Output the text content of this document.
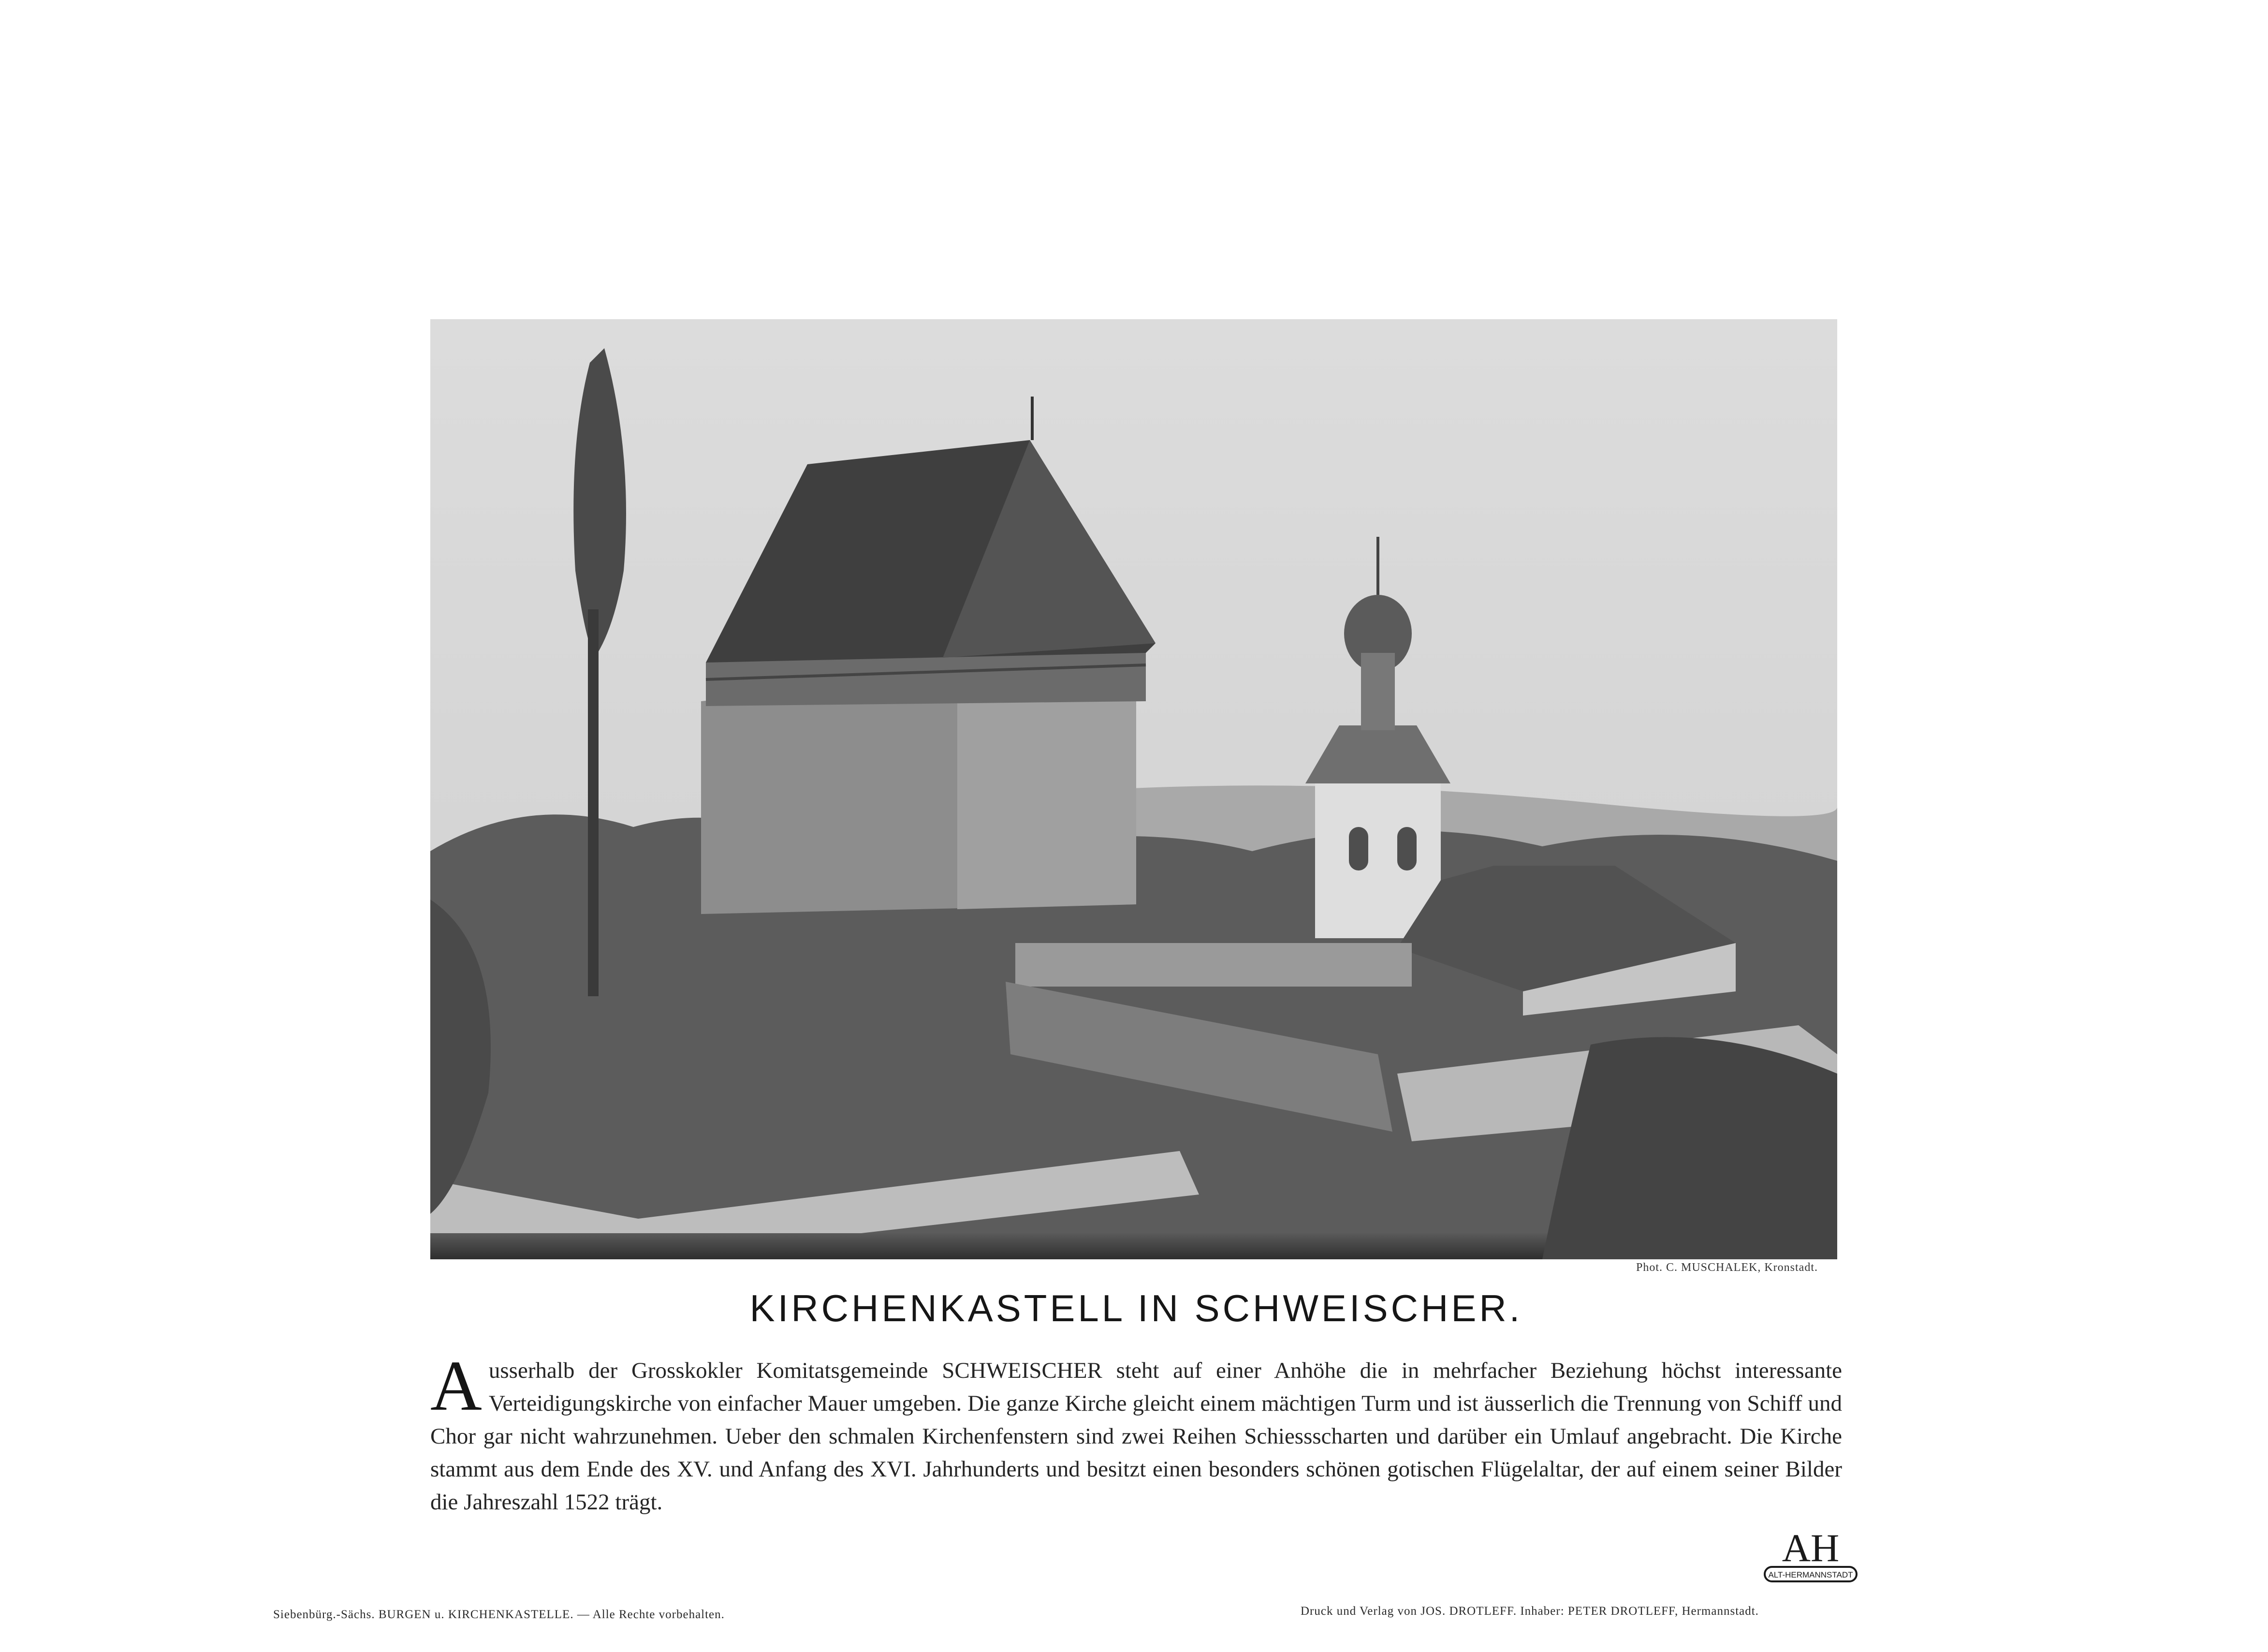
Phot. C. MUSCHALEK, Kronstadt.
KIRCHENKASTELL IN SCHWEISCHER.
Ausserhalb der Grosskokler Komitatsgemeinde SCHWEISCHER steht auf einer Anhöhe die in mehrfacher Beziehung höchst interessante Verteidigungskirche von einfacher Mauer umgeben. Die ganze Kirche gleicht einem mächtigen Turm und ist äusserlich die Trennung von Schiff und Chor gar nicht wahrzunehmen. Ueber den schmalen Kirchenfenstern sind zwei Reihen Schiessscharten und darüber ein Umlauf angebracht. Die Kirche stammt aus dem Ende des XV. und Anfang des XVI. Jahrhunderts und besitzt einen besonders schönen gotischen Flügelaltar, der auf einem seiner Bilder die Jahreszahl 1522 trägt.
AH
ALT-HERMANNSTADT
Siebenbürg.-Sächs. BURGEN u. KIRCHENKASTELLE. — Alle Rechte vorbehalten.	Druck und Verlag von JOS. DROTLEFF. Inhaber: PETER DROTLEFF, Hermannstadt.
